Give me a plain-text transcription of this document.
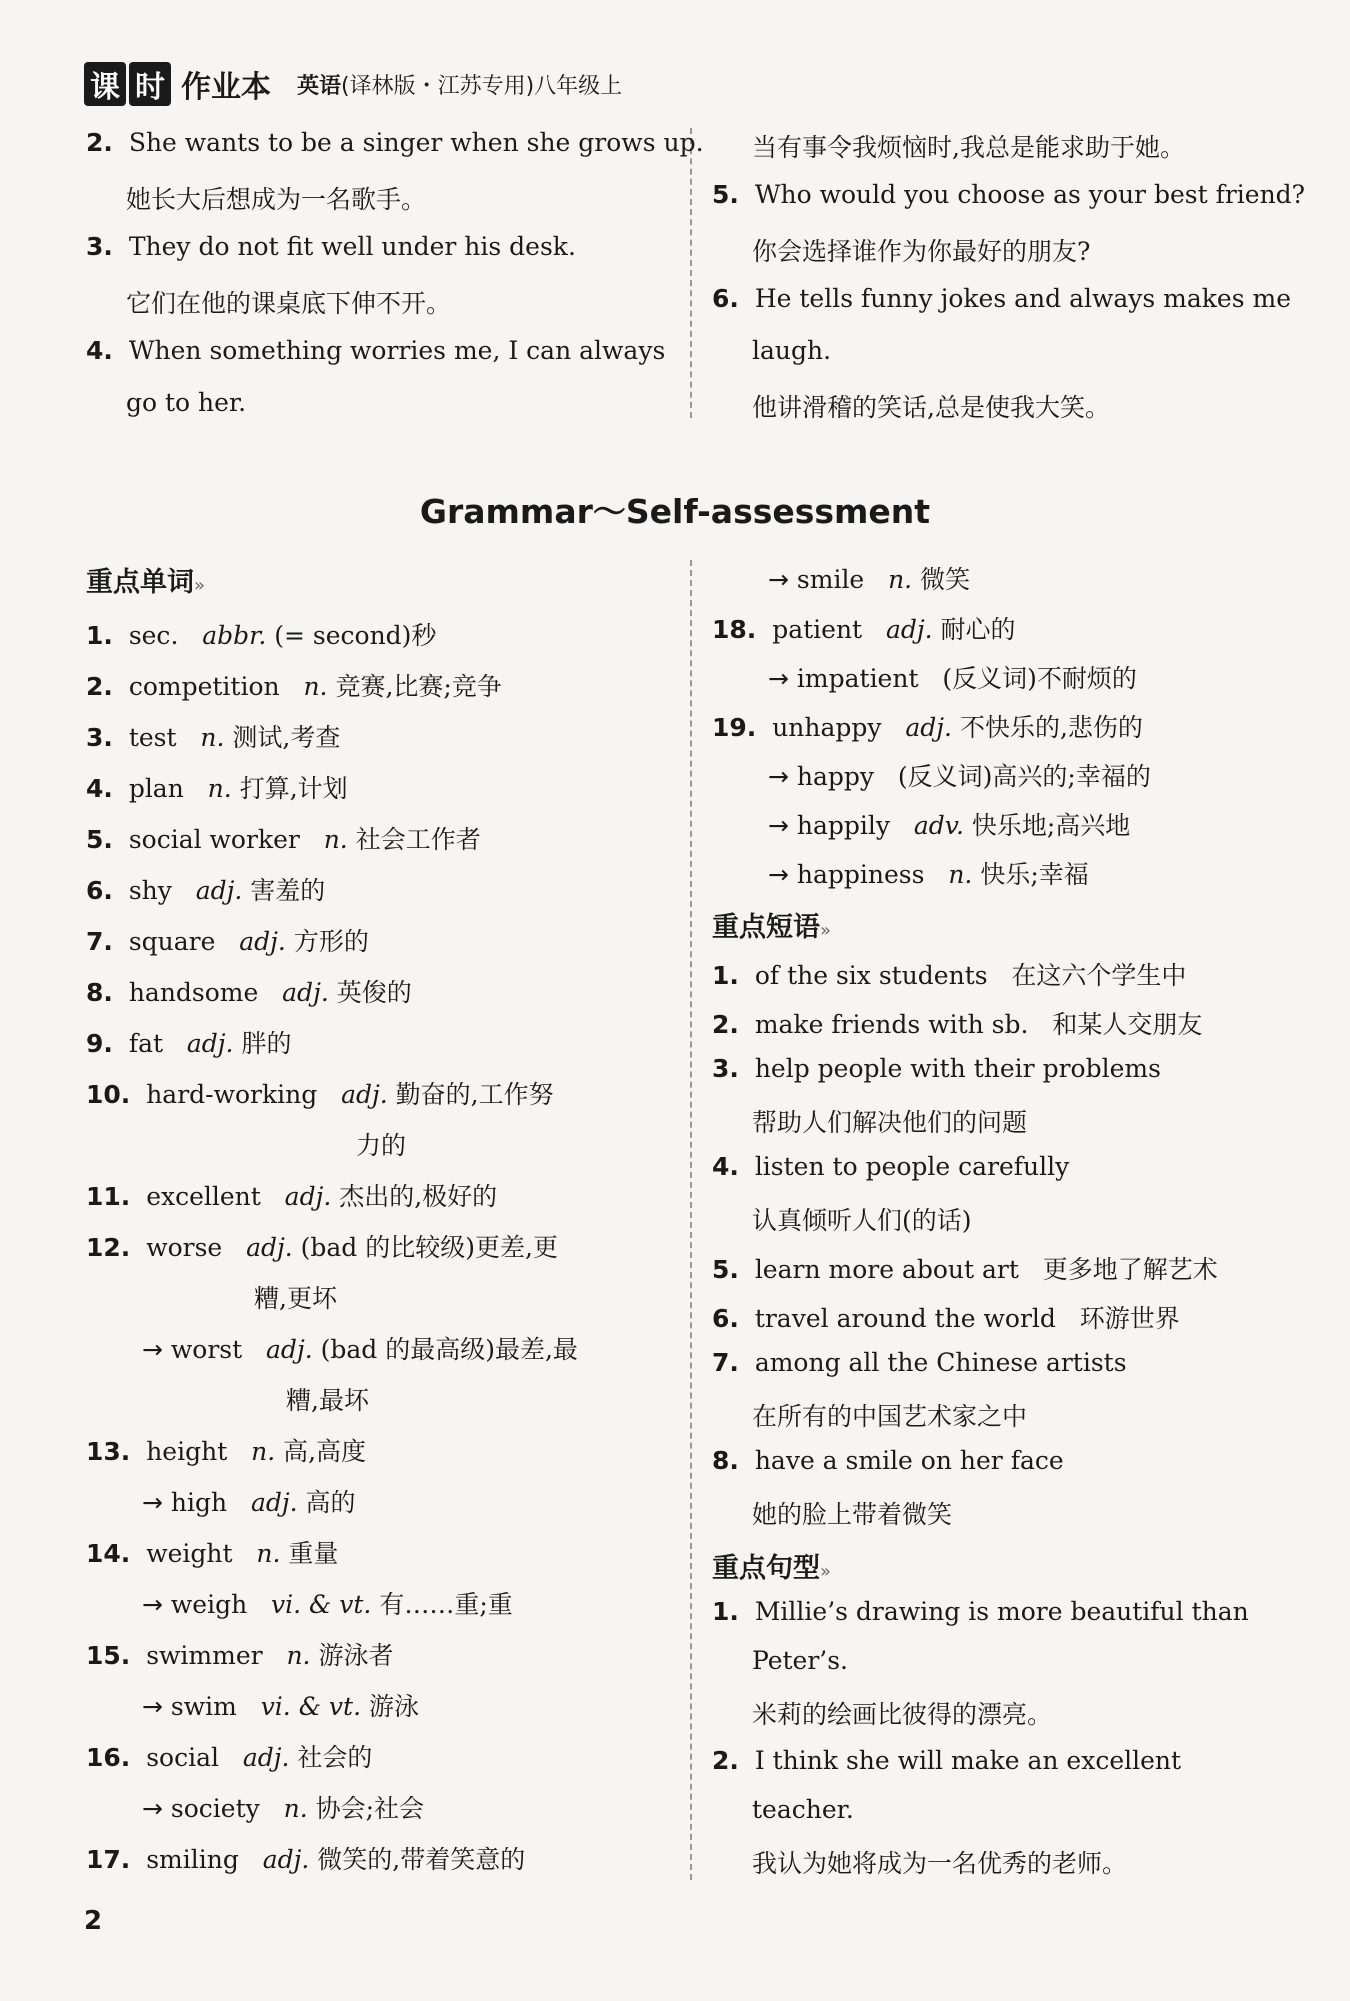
课 时 作业本 英语(译林版・江苏专用)八年级上
2. She wants to be a singer when she grows up.
她长大后想成为一名歌手。
3. They do not fit well under his desk.
它们在他的课桌底下伸不开。
4. When something worries me, I can always
go to her.
当有事令我烦恼时,我总是能求助于她。
5. Who would you choose as your best friend?
你会选择谁作为你最好的朋友?
6. He tells funny jokes and always makes me
laugh.
他讲滑稽的笑话,总是使我大笑。
Grammar～Self-assessment
重点单词»
1. sec. abbr. (= second)秒
2. competition n. 竞赛,比赛;竞争
3. test n. 测试,考查
4. plan n. 打算,计划
5. social worker n. 社会工作者
6. shy adj. 害羞的
7. square adj. 方形的
8. handsome adj. 英俊的
9. fat adj. 胖的
10. hard-working adj. 勤奋的,工作努
力的
11. excellent adj. 杰出的,极好的
12. worse adj. (bad 的比较级)更差,更
糟,更坏
→ worst adj. (bad 的最高级)最差,最
糟,最坏
13. height n. 高,高度
→ high adj. 高的
14. weight n. 重量
→ weigh vi. & vt. 有……重;重
15. swimmer n. 游泳者
→ swim vi. & vt. 游泳
16. social adj. 社会的
→ society n. 协会;社会
17. smiling adj. 微笑的,带着笑意的
→ smile n. 微笑
18. patient adj. 耐心的
→ impatient (反义词)不耐烦的
19. unhappy adj. 不快乐的,悲伤的
→ happy (反义词)高兴的;幸福的
→ happily adv. 快乐地;高兴地
→ happiness n. 快乐;幸福
重点短语»
1. of the six students 在这六个学生中
2. make friends with sb. 和某人交朋友
3. help people with their problems
帮助人们解决他们的问题
4. listen to people carefully
认真倾听人们(的话)
5. learn more about art 更多地了解艺术
6. travel around the world 环游世界
7. among all the Chinese artists
在所有的中国艺术家之中
8. have a smile on her face
她的脸上带着微笑
重点句型»
1. Millie’s drawing is more beautiful than
Peter’s.
米莉的绘画比彼得的漂亮。
2. I think she will make an excellent
teacher.
我认为她将成为一名优秀的老师。
2
